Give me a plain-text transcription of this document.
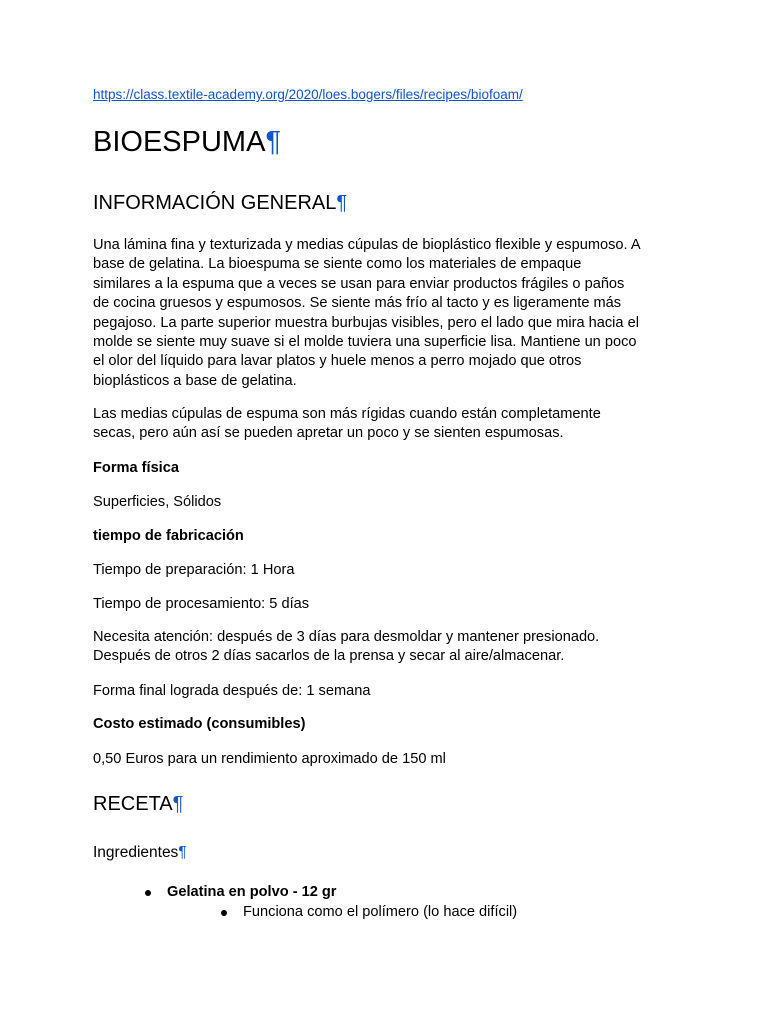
https://class.textile-academy.org/2020/loes.bogers/files/recipes/biofoam/
BIOESPUMA¶
INFORMACIÓN GENERAL¶
Una lámina fina y texturizada y medias cúpulas de bioplástico flexible y espumoso. A
base de gelatina. La bioespuma se siente como los materiales de empaque
similares a la espuma que a veces se usan para enviar productos frágiles o paños
de cocina gruesos y espumosos. Se siente más frío al tacto y es ligeramente más
pegajoso. La parte superior muestra burbujas visibles, pero el lado que mira hacia el
molde se siente muy suave si el molde tuviera una superficie lisa. Mantiene un poco
el olor del líquido para lavar platos y huele menos a perro mojado que otros
bioplásticos a base de gelatina.
Las medias cúpulas de espuma son más rígidas cuando están completamente
secas, pero aún así se pueden apretar un poco y se sienten espumosas.
Forma física
Superficies, Sólidos
tiempo de fabricación
Tiempo de preparación: 1 Hora
Tiempo de procesamiento: 5 días
Necesita atención: después de 3 días para desmoldar y mantener presionado.
Después de otros 2 días sacarlos de la prensa y secar al aire/almacenar.
Forma final lograda después de: 1 semana
Costo estimado (consumibles)
0,50 Euros para un rendimiento aproximado de 150 ml
RECETA¶
Ingredientes¶
Gelatina en polvo - 12 gr
Funciona como el polímero (lo hace difícil)
